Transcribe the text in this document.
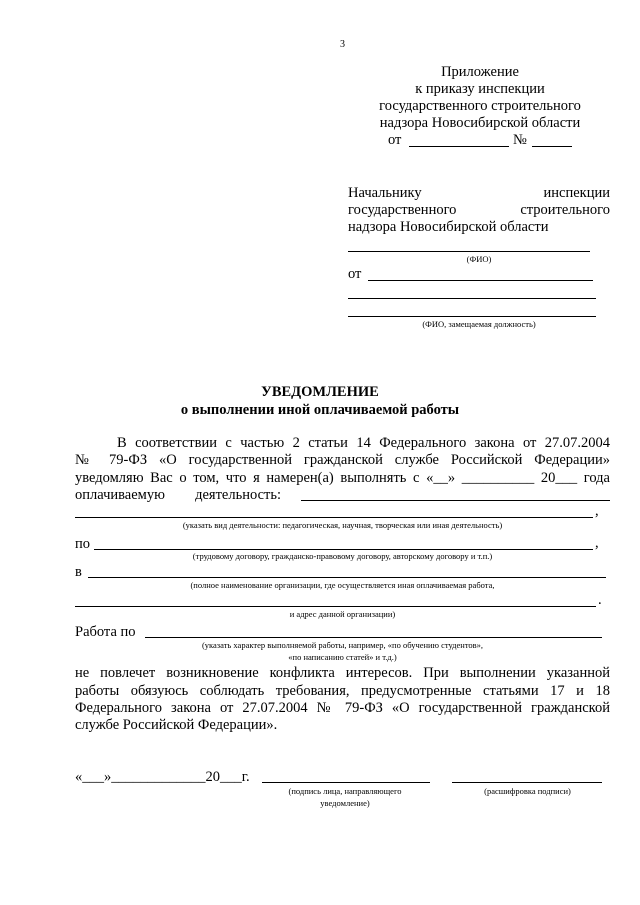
3
Приложение
к приказу инспекции
государственного строительного
надзора Новосибирской области
от	№
Начальнику инспекции
государственного строительного
надзора Новосибирской области
(ФИО)
от
(ФИО, замещаемая должность)
УВЕДОМЛЕНИЕ
о выполнении иной оплачиваемой работы
В соответствии с частью 2 статьи 14 Федерального закона от 27.07.2004
№ 79-ФЗ «О государственной гражданской службе Российской Федерации»
уведомляю Вас о том, что я намерен(а) выполнять с «__» __________ 20___ года
оплачиваемую деятельность:
,
(указать вид деятельности: педагогическая, научная, творческая или иная деятельность)
по	,
(трудовому договору, гражданско-правовому договору, авторскому договору и т.п.)
в
(полное наименование организации, где осуществляется иная оплачиваемая работа,
.
и адрес данной организации)
Работа по
(указать характер выполняемой работы, например, «по обучению студентов»,
«по написанию статей» и т.д.)
не повлечет возникновение конфликта интересов. При выполнении указанной
работы обязуюсь соблюдать требования, предусмотренные статьями 17 и 18
Федерального закона от 27.07.2004 № 79-ФЗ «О государственной гражданской
службе Российской Федерации».
«___»_____________20___г.
(подпись лица, направляющего
уведомление)
(расшифровка подписи)
